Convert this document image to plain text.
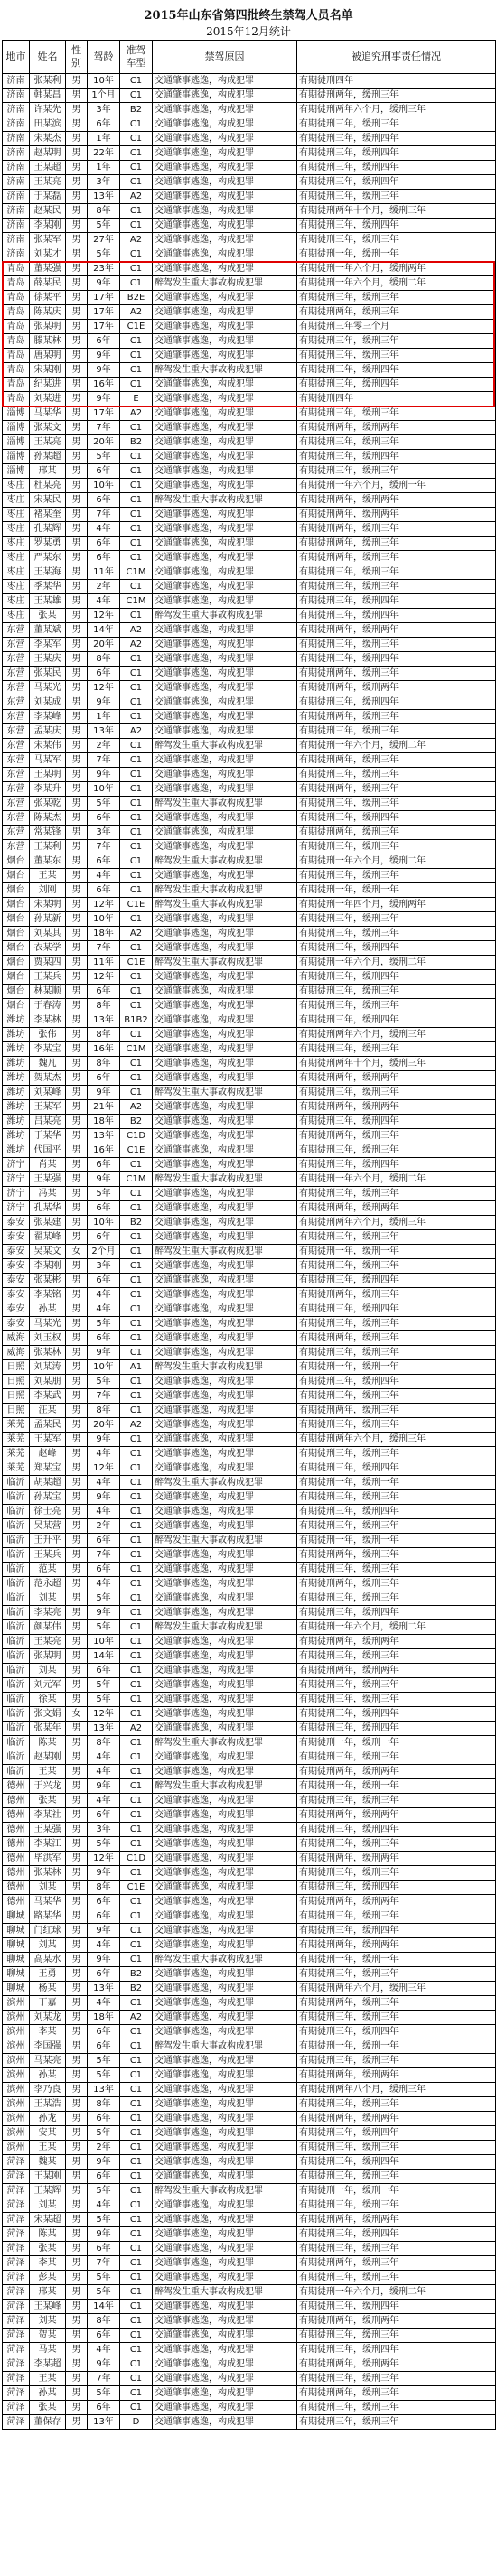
2015年山东省第四批终生禁驾人员名单
2015年12月统计
地市	姓名	性别	驾龄	准驾车型	禁驾原因	被追究刑事责任情况
济南	张某利	男	10年	C1	交通肇事逃逸，构成犯罪	有期徒刑四年
济南	韩某昌	男	1个月	C1	交通肇事逃逸，构成犯罪	有期徒刑两年，缓刑三年
济南	许某先	男	3年	B2	交通肇事逃逸，构成犯罪	有期徒刑两年六个月，缓刑三年
济南	田某滨	男	6年	C1	交通肇事逃逸，构成犯罪	有期徒刑三年，缓刑三年
济南	宋某杰	男	1年	C1	交通肇事逃逸，构成犯罪	有期徒刑三年，缓刑四年
济南	赵某明	男	22年	C1	交通肇事逃逸，构成犯罪	有期徒刑三年，缓刑四年
济南	王某超	男	1年	C1	交通肇事逃逸，构成犯罪	有期徒刑三年，缓刑四年
济南	王某亮	男	3年	C1	交通肇事逃逸，构成犯罪	有期徒刑三年，缓刑四年
济南	于某磊	男	13年	A2	交通肇事逃逸，构成犯罪	有期徒刑三年，缓刑三年
济南	赵某民	男	8年	C1	交通肇事逃逸，构成犯罪	有期徒刑两年十个月，缓刑三年
济南	李某刚	男	5年	C1	交通肇事逃逸，构成犯罪	有期徒刑三年，缓刑四年
济南	张某军	男	27年	A2	交通肇事逃逸，构成犯罪	有期徒刑三年，缓刑三年
济南	刘某才	男	5年	C1	交通肇事逃逸，构成犯罪	有期徒刑一年，缓刑一年
青岛	董某强	男	23年	C1	交通肇事逃逸，构成犯罪	有期徒刑一年六个月，缓刑两年
青岛	薛某民	男	9年	C1	醉驾发生重大事故构成犯罪	有期徒刑一年六个月，缓刑二年
青岛	徐某平	男	17年	B2E	交通肇事逃逸，构成犯罪	有期徒刑三年，缓刑三年
青岛	陈某庆	男	17年	A2	交通肇事逃逸，构成犯罪	有期徒刑两年，缓刑三年
青岛	张某明	男	17年	C1E	交通肇事逃逸，构成犯罪	有期徒刑三年零三个月
青岛	滕某林	男	6年	C1	交通肇事逃逸，构成犯罪	有期徒刑三年，缓刑三年
青岛	唐某明	男	9年	C1	交通肇事逃逸，构成犯罪	有期徒刑三年，缓刑三年
青岛	宋某刚	男	9年	C1	醉驾发生重大事故构成犯罪	有期徒刑三年，缓刑四年
青岛	纪某进	男	16年	C1	交通肇事逃逸，构成犯罪	有期徒刑三年，缓刑四年
青岛	刘某进	男	9年	E	交通肇事逃逸，构成犯罪	有期徒刑四年
淄博	马某华	男	17年	A2	交通肇事逃逸，构成犯罪	有期徒刑三年，缓刑三年
淄博	张某文	男	7年	C1	交通肇事逃逸，构成犯罪	有期徒刑两年，缓刑两年
淄博	王某亮	男	20年	B2	交通肇事逃逸，构成犯罪	有期徒刑三年，缓刑三年
淄博	孙某超	男	5年	C1	交通肇事逃逸，构成犯罪	有期徒刑三年，缓刑四年
淄博	邢某	男	6年	C1	交通肇事逃逸，构成犯罪	有期徒刑三年，缓刑三年
枣庄	杜某亮	男	10年	C1	交通肇事逃逸，构成犯罪	有期徒刑一年六个月，缓刑一年
枣庄	宋某民	男	6年	C1	醉驾发生重大事故构成犯罪	有期徒刑两年，缓刑两年
枣庄	褚某奎	男	7年	C1	交通肇事逃逸，构成犯罪	有期徒刑两年，缓刑两年
枣庄	孔某辉	男	4年	C1	交通肇事逃逸，构成犯罪	有期徒刑两年，缓刑三年
枣庄	罗某勇	男	6年	C1	交通肇事逃逸，构成犯罪	有期徒刑两年，缓刑三年
枣庄	严某东	男	6年	C1	交通肇事逃逸，构成犯罪	有期徒刑两年，缓刑三年
枣庄	王某海	男	11年	C1M	交通肇事逃逸，构成犯罪	有期徒刑三年，缓刑三年
枣庄	季某华	男	2年	C1	交通肇事逃逸，构成犯罪	有期徒刑三年，缓刑三年
枣庄	王某雄	男	4年	C1M	交通肇事逃逸，构成犯罪	有期徒刑三年，缓刑四年
枣庄	张某	男	12年	C1	醉驾发生重大事故构成犯罪	有期徒刑三年，缓刑四年
东营	董某斌	男	14年	A2	交通肇事逃逸，构成犯罪	有期徒刑两年，缓刑两年
东营	李某军	男	20年	A2	交通肇事逃逸，构成犯罪	有期徒刑三年，缓刑三年
东营	王某庆	男	8年	C1	交通肇事逃逸，构成犯罪	有期徒刑三年，缓刑四年
东营	张某民	男	6年	C1	交通肇事逃逸，构成犯罪	有期徒刑两年，缓刑三年
东营	马某光	男	12年	C1	交通肇事逃逸，构成犯罪	有期徒刑两年，缓刑两年
东营	刘某成	男	9年	C1	交通肇事逃逸，构成犯罪	有期徒刑三年，缓刑四年
东营	李某峰	男	1年	C1	交通肇事逃逸，构成犯罪	有期徒刑两年，缓刑三年
东营	孟某庆	男	13年	A2	交通肇事逃逸，构成犯罪	有期徒刑三年，缓刑三年
东营	宋某伟	男	2年	C1	醉驾发生重大事故构成犯罪	有期徒刑一年六个月，缓刑二年
东营	马某军	男	7年	C1	交通肇事逃逸，构成犯罪	有期徒刑两年，缓刑三年
东营	王某明	男	9年	C1	交通肇事逃逸，构成犯罪	有期徒刑三年，缓刑三年
东营	李某升	男	10年	C1	交通肇事逃逸，构成犯罪	有期徒刑两年，缓刑三年
东营	张某乾	男	5年	C1	醉驾发生重大事故构成犯罪	有期徒刑三年，缓刑三年
东营	陈某杰	男	6年	C1	交通肇事逃逸，构成犯罪	有期徒刑三年，缓刑四年
东营	常某锋	男	3年	C1	交通肇事逃逸，构成犯罪	有期徒刑两年，缓刑三年
东营	王某利	男	7年	C1	交通肇事逃逸，构成犯罪	有期徒刑三年，缓刑三年
烟台	董某东	男	6年	C1	醉驾发生重大事故构成犯罪	有期徒刑一年六个月，缓刑二年
烟台	王某	男	4年	C1	交通肇事逃逸，构成犯罪	有期徒刑三年，缓刑三年
烟台	刘刚	男	6年	C1	醉驾发生重大事故构成犯罪	有期徒刑一年，缓刑一年
烟台	宋某明	男	12年	C1E	醉驾发生重大事故构成犯罪	有期徒刑一年四个月，缓刑两年
烟台	孙某新	男	10年	C1	交通肇事逃逸，构成犯罪	有期徒刑三年，缓刑三年
烟台	刘某其	男	18年	A2	交通肇事逃逸，构成犯罪	有期徒刑三年，缓刑三年
烟台	衣某学	男	7年	C1	交通肇事逃逸，构成犯罪	有期徒刑三年，缓刑四年
烟台	贾某四	男	11年	C1E	醉驾发生重大事故构成犯罪	有期徒刑一年六个月，缓刑二年
烟台	王某兵	男	12年	C1	交通肇事逃逸，构成犯罪	有期徒刑三年，缓刑四年
烟台	林某顺	男	6年	C1	交通肇事逃逸，构成犯罪	有期徒刑三年，缓刑三年
烟台	于春涛	男	8年	C1	交通肇事逃逸，构成犯罪	有期徒刑三年，缓刑三年
潍坊	李某林	男	13年	B1B2	交通肇事逃逸，构成犯罪	有期徒刑三年，缓刑四年
潍坊	张伟	男	8年	C1	交通肇事逃逸，构成犯罪	有期徒刑两年六个月，缓刑三年
潍坊	李某宝	男	16年	C1M	交通肇事逃逸，构成犯罪	有期徒刑三年，缓刑三年
潍坊	魏凡	男	8年	C1	交通肇事逃逸，构成犯罪	有期徒刑两年十个月，缓刑三年
潍坊	贺某杰	男	6年	C1	交通肇事逃逸，构成犯罪	有期徒刑两年，缓刑两年
潍坊	刘某峰	男	9年	C1	醉驾发生重大事故构成犯罪	有期徒刑三年，缓刑三年
潍坊	王某军	男	21年	A2	交通肇事逃逸，构成犯罪	有期徒刑两年，缓刑两年
潍坊	吕某亮	男	18年	B2	交通肇事逃逸，构成犯罪	有期徒刑三年，缓刑四年
潍坊	于某华	男	13年	C1D	交通肇事逃逸，构成犯罪	有期徒刑两年，缓刑三年
潍坊	代国平	男	16年	C1E	交通肇事逃逸，构成犯罪	有期徒刑三年，缓刑三年
济宁	肖某	男	6年	C1	交通肇事逃逸，构成犯罪	有期徒刑三年，缓刑四年
济宁	王某强	男	9年	C1M	醉驾发生重大事故构成犯罪	有期徒刑一年六个月，缓刑二年
济宁	冯某	男	5年	C1	交通肇事逃逸，构成犯罪	有期徒刑三年，缓刑三年
济宁	孔某华	男	6年	C1	交通肇事逃逸，构成犯罪	有期徒刑两年，缓刑两年
泰安	张某建	男	10年	B2	交通肇事逃逸，构成犯罪	有期徒刑两年六个月，缓刑三年
泰安	翟某峰	男	6年	C1	交通肇事逃逸，构成犯罪	有期徒刑三年，缓刑三年
泰安	吴某文	女	2个月	C1	醉驾发生重大事故构成犯罪	有期徒刑一年，缓刑一年
泰安	李某刚	男	3年	C1	交通肇事逃逸，构成犯罪	有期徒刑三年，缓刑三年
泰安	张某彬	男	6年	C1	交通肇事逃逸，构成犯罪	有期徒刑三年，缓刑四年
泰安	李某铭	男	4年	C1	交通肇事逃逸，构成犯罪	有期徒刑两年，缓刑三年
泰安	孙某	男	4年	C1	交通肇事逃逸，构成犯罪	有期徒刑三年，缓刑四年
泰安	马某光	男	5年	C1	交通肇事逃逸，构成犯罪	有期徒刑三年，缓刑三年
威海	刘玉权	男	6年	C1	交通肇事逃逸，构成犯罪	有期徒刑两年，缓刑三年
威海	张某林	男	9年	C1	交通肇事逃逸，构成犯罪	有期徒刑三年，缓刑三年
日照	刘某涛	男	10年	A1	醉驾发生重大事故构成犯罪	有期徒刑一年，缓刑一年
日照	刘某朋	男	5年	C1	交通肇事逃逸，构成犯罪	有期徒刑三年，缓刑四年
日照	李某武	男	7年	C1	交通肇事逃逸，构成犯罪	有期徒刑三年，缓刑三年
日照	汪某	男	8年	C1	交通肇事逃逸，构成犯罪	有期徒刑两年，缓刑三年
莱芜	孟某民	男	20年	A2	交通肇事逃逸，构成犯罪	有期徒刑三年，缓刑三年
莱芜	王某军	男	9年	C1	交通肇事逃逸，构成犯罪	有期徒刑两年六个月，缓刑三年
莱芜	赵峰	男	4年	C1	交通肇事逃逸，构成犯罪	有期徒刑三年，缓刑三年
莱芜	郑某宝	男	12年	C1	交通肇事逃逸，构成犯罪	有期徒刑三年，缓刑四年
临沂	胡某超	男	4年	C1	醉驾发生重大事故构成犯罪	有期徒刑一年，缓刑一年
临沂	孙某宝	男	9年	C1	交通肇事逃逸，构成犯罪	有期徒刑三年，缓刑三年
临沂	徐士亮	男	4年	C1	交通肇事逃逸，构成犯罪	有期徒刑三年，缓刑四年
临沂	吴某营	男	2年	C1	交通肇事逃逸，构成犯罪	有期徒刑三年，缓刑三年
临沂	王升平	男	6年	C1	醉驾发生重大事故构成犯罪	有期徒刑一年，缓刑一年
临沂	王某兵	男	7年	C1	交通肇事逃逸，构成犯罪	有期徒刑两年，缓刑三年
临沂	范某	男	6年	C1	交通肇事逃逸，构成犯罪	有期徒刑三年，缓刑三年
临沂	范永超	男	4年	C1	交通肇事逃逸，构成犯罪	有期徒刑两年，缓刑三年
临沂	刘某	男	5年	C1	交通肇事逃逸，构成犯罪	有期徒刑三年，缓刑三年
临沂	李某亮	男	9年	C1	交通肇事逃逸，构成犯罪	有期徒刑三年，缓刑四年
临沂	颜某伟	男	5年	C1	醉驾发生重大事故构成犯罪	有期徒刑一年六个月，缓刑二年
临沂	王某亮	男	10年	C1	交通肇事逃逸，构成犯罪	有期徒刑两年，缓刑两年
临沂	张某明	男	14年	C1	交通肇事逃逸，构成犯罪	有期徒刑三年，缓刑三年
临沂	刘某	男	6年	C1	交通肇事逃逸，构成犯罪	有期徒刑两年，缓刑两年
临沂	刘元军	男	5年	C1	交通肇事逃逸，构成犯罪	有期徒刑三年，缓刑三年
临沂	徐某	男	5年	C1	交通肇事逃逸，构成犯罪	有期徒刑三年，缓刑三年
临沂	张文娟	女	12年	C1	交通肇事逃逸，构成犯罪	有期徒刑三年，缓刑四年
临沂	张某年	男	13年	A2	交通肇事逃逸，构成犯罪	有期徒刑三年，缓刑四年
临沂	陈某	男	8年	C1	醉驾发生重大事故构成犯罪	有期徒刑一年，缓刑一年
临沂	赵某刚	男	4年	C1	交通肇事逃逸，构成犯罪	有期徒刑三年，缓刑三年
临沂	王某	男	4年	C1	交通肇事逃逸，构成犯罪	有期徒刑两年，缓刑两年
德州	于兴龙	男	9年	C1	醉驾发生重大事故构成犯罪	有期徒刑一年，缓刑一年
德州	张某	男	4年	C1	交通肇事逃逸，构成犯罪	有期徒刑三年，缓刑三年
德州	李某社	男	6年	C1	交通肇事逃逸，构成犯罪	有期徒刑两年，缓刑两年
德州	王某强	男	3年	C1	交通肇事逃逸，构成犯罪	有期徒刑三年，缓刑四年
德州	李某江	男	5年	C1	交通肇事逃逸，构成犯罪	有期徒刑三年，缓刑三年
德州	毕洪军	男	12年	C1D	交通肇事逃逸，构成犯罪	有期徒刑两年，缓刑两年
德州	张某林	男	9年	C1	交通肇事逃逸，构成犯罪	有期徒刑三年，缓刑三年
德州	刘某	男	8年	C1E	交通肇事逃逸，构成犯罪	有期徒刑三年，缓刑四年
德州	马某华	男	6年	C1	交通肇事逃逸，构成犯罪	有期徒刑两年，缓刑两年
聊城	路某华	男	6年	C1	交通肇事逃逸，构成犯罪	有期徒刑三年，缓刑三年
聊城	门红球	男	9年	C1	交通肇事逃逸，构成犯罪	有期徒刑三年，缓刑四年
聊城	刘某	男	4年	C1	交通肇事逃逸，构成犯罪	有期徒刑两年，缓刑两年
聊城	高某水	男	9年	C1	醉驾发生重大事故构成犯罪	有期徒刑一年，缓刑一年
聊城	王勇	男	6年	B2	交通肇事逃逸，构成犯罪	有期徒刑三年，缓刑三年
聊城	杨某	男	13年	B2	交通肇事逃逸，构成犯罪	有期徒刑两年六个月，缓刑三年
滨州	丁嘉	男	4年	C1	交通肇事逃逸，构成犯罪	有期徒刑两年，缓刑三年
滨州	刘某龙	男	18年	A2	交通肇事逃逸，构成犯罪	有期徒刑三年，缓刑三年
滨州	李某	男	6年	C1	交通肇事逃逸，构成犯罪	有期徒刑三年，缓刑四年
滨州	李国强	男	6年	C1	醉驾发生重大事故构成犯罪	有期徒刑一年，缓刑一年
滨州	马某亮	男	5年	C1	交通肇事逃逸，构成犯罪	有期徒刑三年，缓刑三年
滨州	孙某	男	5年	C1	交通肇事逃逸，构成犯罪	有期徒刑两年，缓刑两年
滨州	李乃良	男	13年	C1	交通肇事逃逸，构成犯罪	有期徒刑两年八个月，缓刑三年
滨州	王某浩	男	8年	C1	交通肇事逃逸，构成犯罪	有期徒刑三年，缓刑三年
滨州	孙龙	男	6年	C1	交通肇事逃逸，构成犯罪	有期徒刑两年，缓刑两年
滨州	安某	男	5年	C1	交通肇事逃逸，构成犯罪	有期徒刑三年，缓刑四年
滨州	王某	男	2年	C1	交通肇事逃逸，构成犯罪	有期徒刑三年，缓刑三年
菏泽	魏某	男	9年	C1	交通肇事逃逸，构成犯罪	有期徒刑三年，缓刑四年
菏泽	王某刚	男	6年	C1	交通肇事逃逸，构成犯罪	有期徒刑三年，缓刑三年
菏泽	王某辉	男	5年	C1	醉驾发生重大事故构成犯罪	有期徒刑一年，缓刑一年
菏泽	刘某	男	4年	C1	交通肇事逃逸，构成犯罪	有期徒刑三年，缓刑三年
菏泽	宋某超	男	5年	C1	交通肇事逃逸，构成犯罪	有期徒刑两年，缓刑两年
菏泽	陈某	男	9年	C1	交通肇事逃逸，构成犯罪	有期徒刑三年，缓刑四年
菏泽	张某	男	6年	C1	交通肇事逃逸，构成犯罪	有期徒刑三年，缓刑三年
菏泽	李某	男	7年	C1	交通肇事逃逸，构成犯罪	有期徒刑两年，缓刑三年
菏泽	彭某	男	5年	C1	交通肇事逃逸，构成犯罪	有期徒刑三年，缓刑三年
菏泽	邢某	男	5年	C1	醉驾发生重大事故构成犯罪	有期徒刑一年六个月，缓刑二年
菏泽	王某峰	男	14年	C1	交通肇事逃逸，构成犯罪	有期徒刑三年，缓刑四年
菏泽	刘某	男	8年	C1	交通肇事逃逸，构成犯罪	有期徒刑两年，缓刑两年
菏泽	贺某	男	6年	C1	交通肇事逃逸，构成犯罪	有期徒刑三年，缓刑三年
菏泽	马某	男	4年	C1	交通肇事逃逸，构成犯罪	有期徒刑三年，缓刑四年
菏泽	李某超	男	9年	C1	交通肇事逃逸，构成犯罪	有期徒刑两年，缓刑两年
菏泽	王某	男	7年	C1	交通肇事逃逸，构成犯罪	有期徒刑三年，缓刑三年
菏泽	孙某	男	5年	C1	交通肇事逃逸，构成犯罪	有期徒刑两年，缓刑三年
菏泽	张某	男	6年	C1	交通肇事逃逸，构成犯罪	有期徒刑三年，缓刑三年
菏泽	董保存	男	13年	D	交通肇事逃逸，构成犯罪	有期徒刑三年，缓刑三年
